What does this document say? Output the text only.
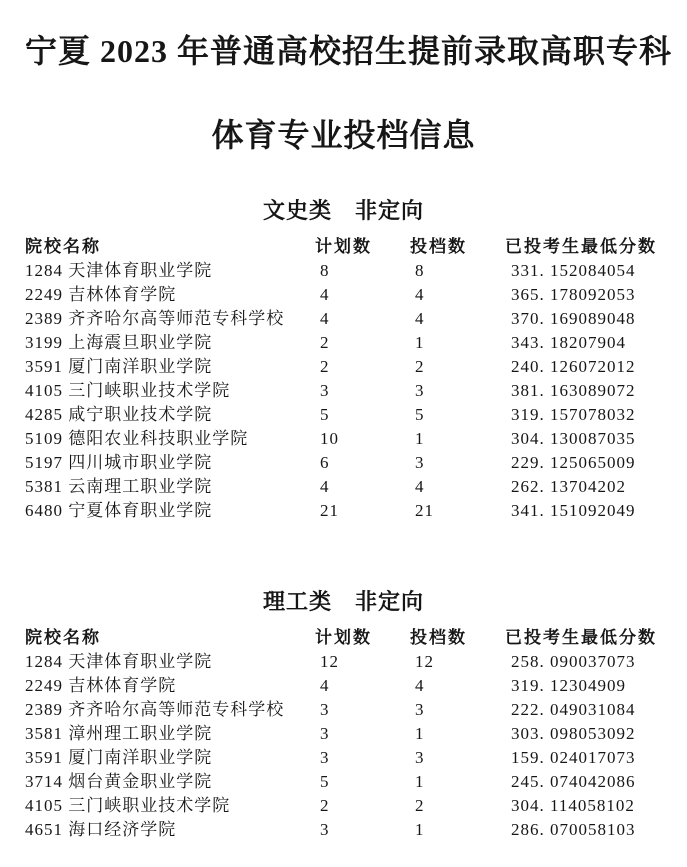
宁夏 2023 年普通高校招生提前录取高职专科
体育专业投档信息
文史类　非定向
院校名称	计划数	投档数	已投考生最低分数
1284 天津体育职业学院	8	8	331. 152084054
2249 吉林体育学院	4	4	365. 178092053
2389 齐齐哈尔高等师范专科学校	4	4	370. 169089048
3199 上海震旦职业学院	2	1	343. 18207904
3591 厦门南洋职业学院	2	2	240. 126072012
4105 三门峡职业技术学院	3	3	381. 163089072
4285 咸宁职业技术学院	5	5	319. 157078032
5109 德阳农业科技职业学院	10	1	304. 130087035
5197 四川城市职业学院	6	3	229. 125065009
5381 云南理工职业学院	4	4	262. 13704202
6480 宁夏体育职业学院	21	21	341. 151092049
理工类　非定向
院校名称	计划数	投档数	已投考生最低分数
1284 天津体育职业学院	12	12	258. 090037073
2249 吉林体育学院	4	4	319. 12304909
2389 齐齐哈尔高等师范专科学校	3	3	222. 049031084
3581 漳州理工职业学院	3	1	303. 098053092
3591 厦门南洋职业学院	3	3	159. 024017073
3714 烟台黄金职业学院	5	1	245. 074042086
4105 三门峡职业技术学院	2	2	304. 114058102
4651 海口经济学院	3	1	286. 070058103
